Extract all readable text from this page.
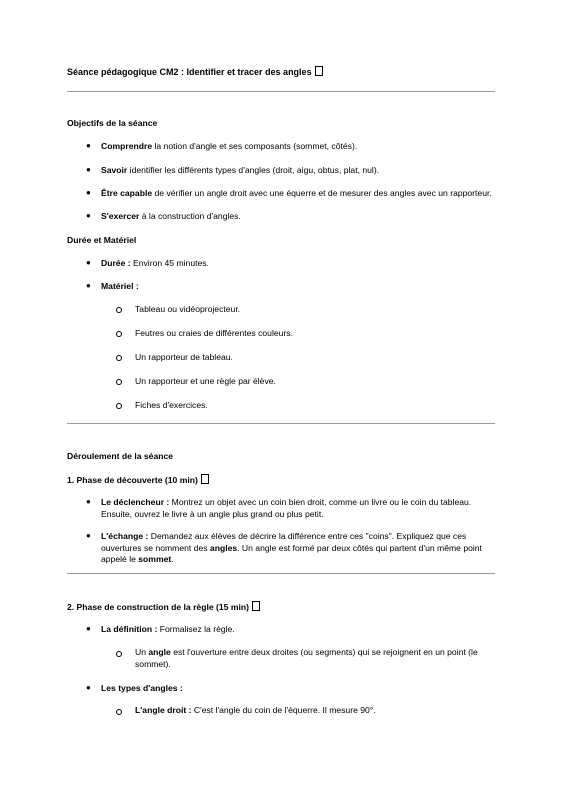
Séance pédagogique CM2 : Identifier et tracer des angles
Objectifs de la séance
● Comprendre la notion d'angle et ses composants (sommet, côtés).
● Savoir identifier les différents types d'angles (droit, aigu, obtus, plat, nul).
● Être capable de vérifier un angle droit avec une équerre et de mesurer des angles avec un rapporteur.
● S'exercer à la construction d'angles.
Durée et Matériel
● Durée : Environ 45 minutes.
● Matériel :
Tableau ou vidéoprojecteur.
Feutres ou craies de différentes couleurs.
Un rapporteur de tableau.
Un rapporteur et une règle par élève.
Fiches d'exercices.
Déroulement de la séance
1. Phase de découverte (10 min)
● Le déclencheur : Montrez un objet avec un coin bien droit, comme un livre ou le coin du tableau. Ensuite, ouvrez le livre à un angle plus grand ou plus petit.
● L'échange : Demandez aux élèves de décrire la différence entre ces "coins". Expliquez que ces ouvertures se nomment des angles. Un angle est formé par deux côtés qui partent d'un même point appelé le sommet.
2. Phase de construction de la règle (15 min)
● La définition : Formalisez la règle.
Un angle est l'ouverture entre deux droites (ou segments) qui se rejoignent en un point (le sommet).
● Les types d'angles :
L'angle droit : C'est l'angle du coin de l'équerre. Il mesure 90°.
